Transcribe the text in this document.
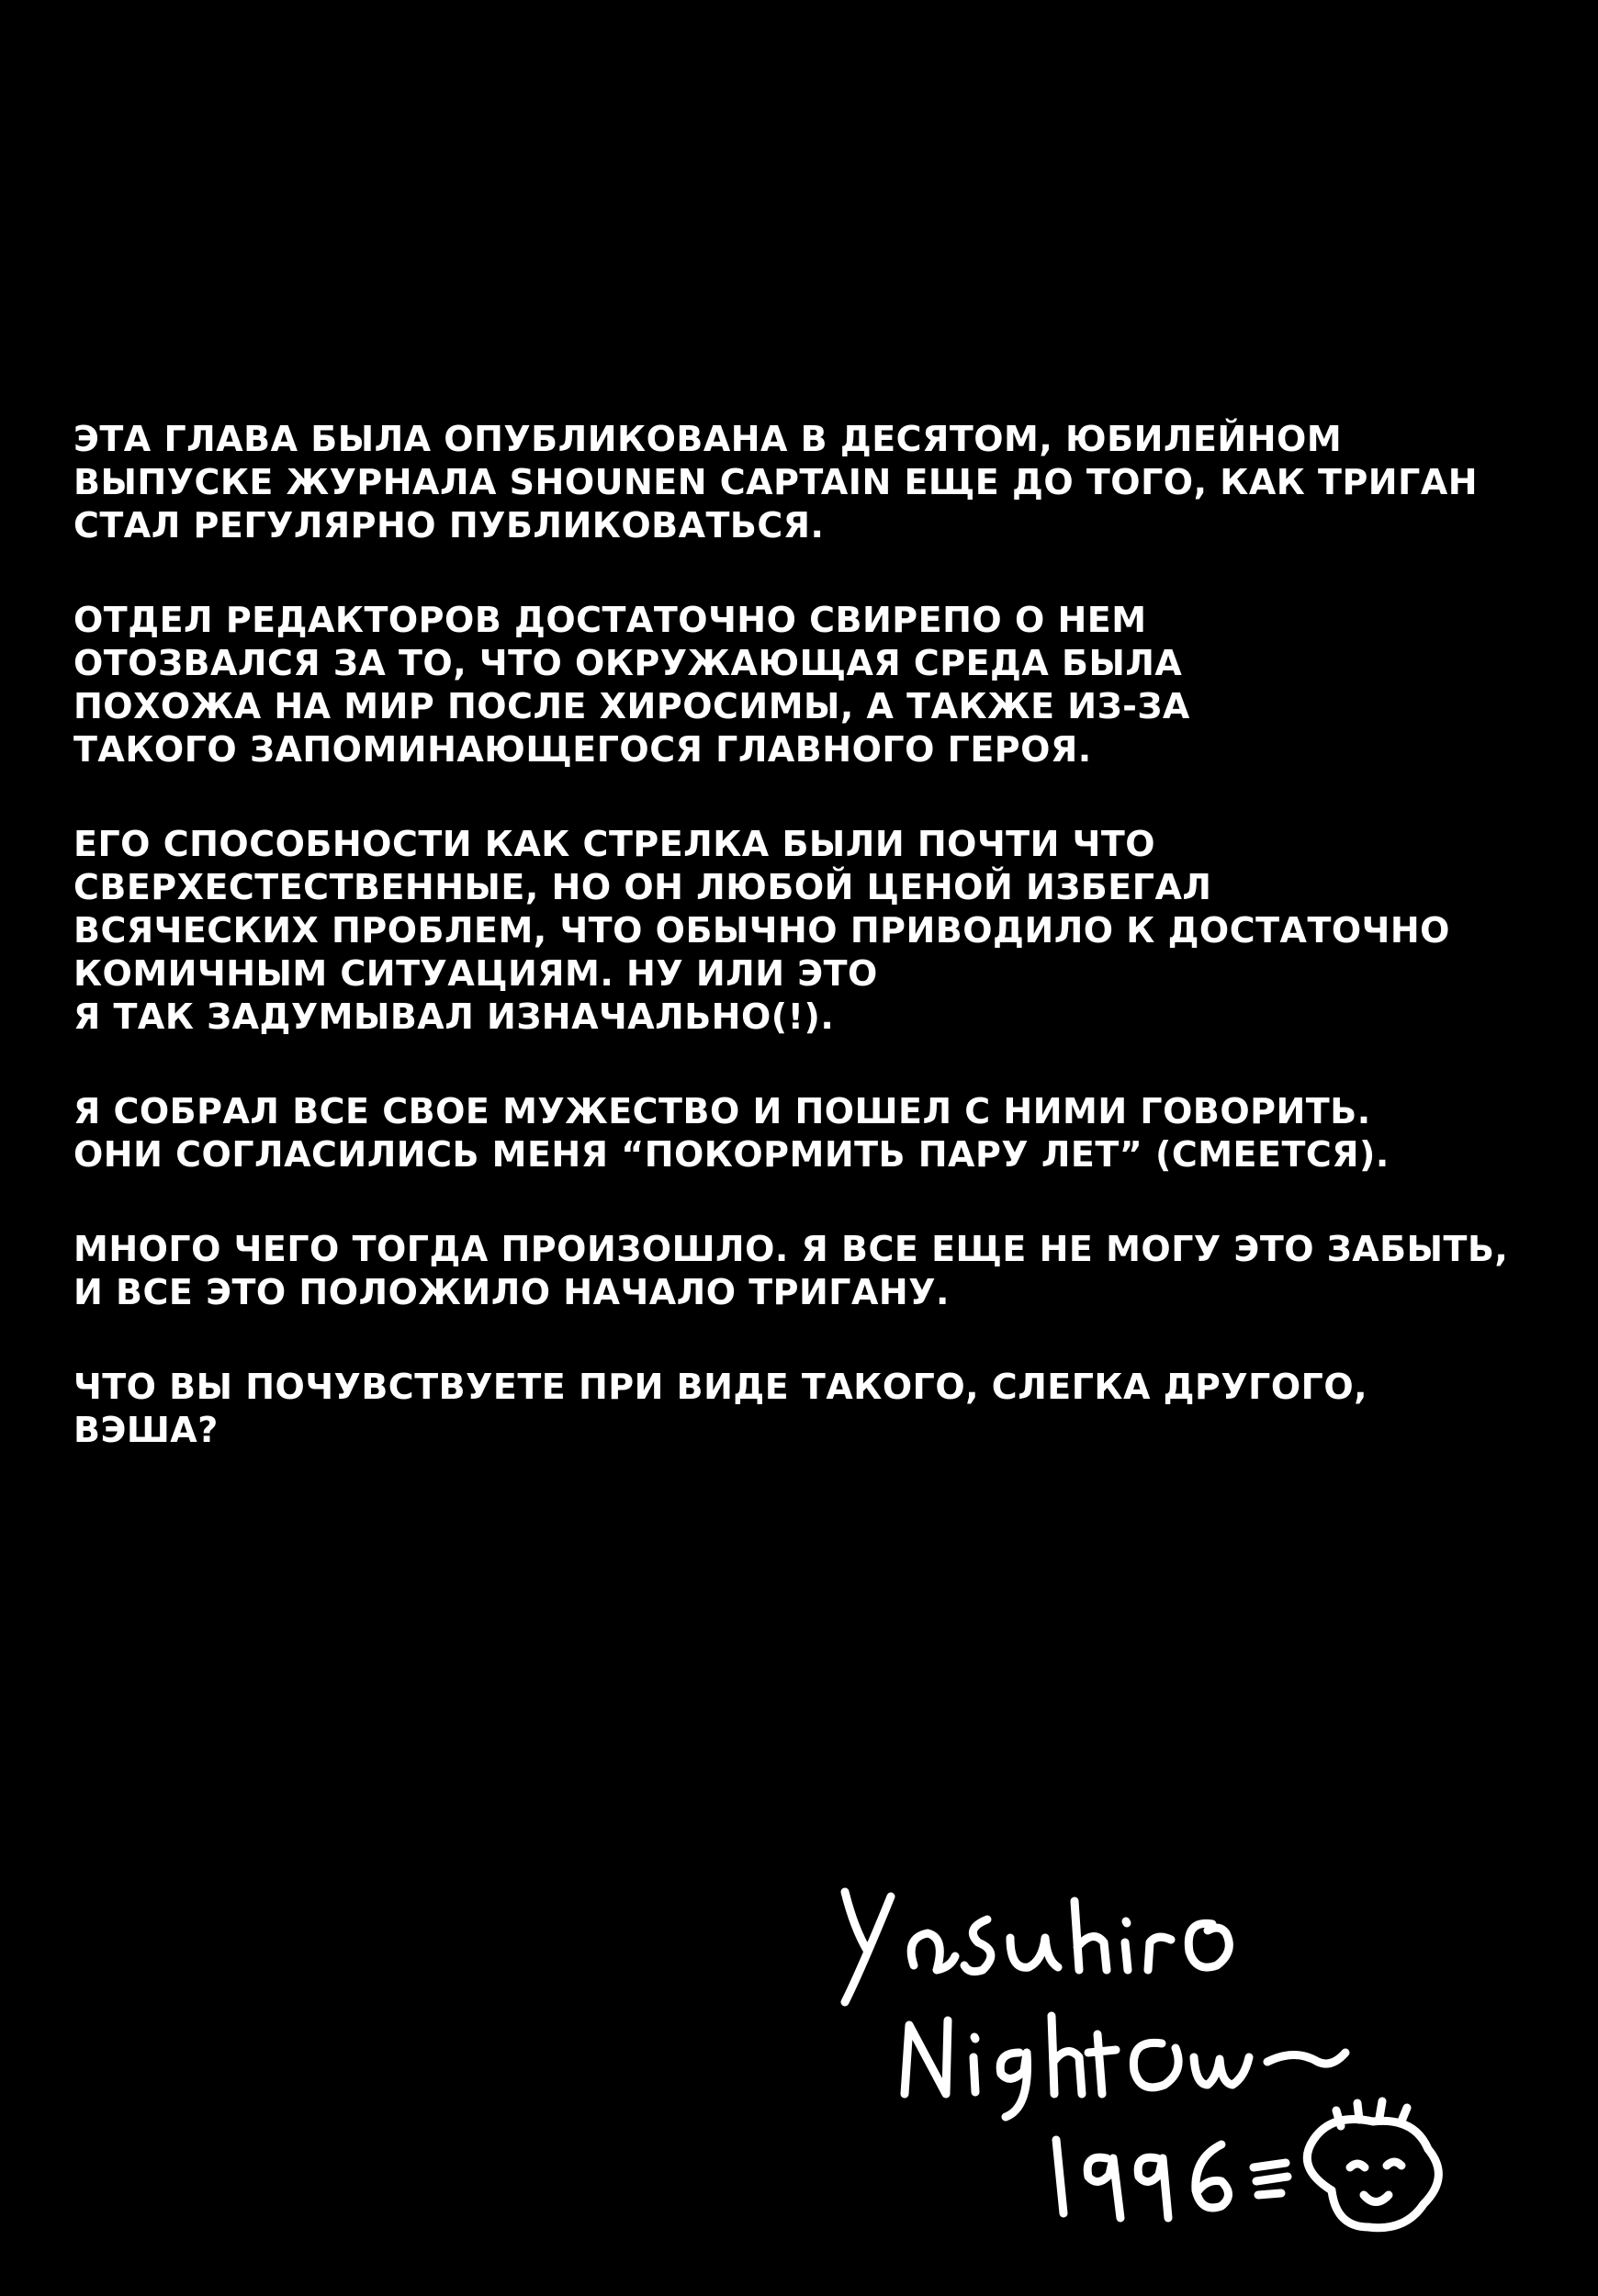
ЭТА ГЛАВА БЫЛА ОПУБЛИКОВАНА В ДЕСЯТОМ, ЮБИЛЕЙНОМ
ВЫПУСКЕ ЖУРНАЛА SHOUNEN CAPTAIN ЕЩЕ ДО ТОГО, КАК ТРИГАН
СТАЛ РЕГУЛЯРНО ПУБЛИКОВАТЬСЯ.
ОТДЕЛ РЕДАКТОРОВ ДОСТАТОЧНО СВИРЕПО О НЕМ
ОТОЗВАЛСЯ ЗА ТО, ЧТО ОКРУЖАЮЩАЯ СРЕДА БЫЛА
ПОХОЖА НА МИР ПОСЛЕ ХИРОСИМЫ, А ТАКЖЕ ИЗ-ЗА
ТАКОГО ЗАПОМИНАЮЩЕГОСЯ ГЛАВНОГО ГЕРОЯ.
ЕГО СПОСОБНОСТИ КАК СТРЕЛКА БЫЛИ ПОЧТИ ЧТО
СВЕРХЕСТЕСТВЕННЫЕ, НО ОН ЛЮБОЙ ЦЕНОЙ ИЗБЕГАЛ
ВСЯЧЕСКИХ ПРОБЛЕМ, ЧТО ОБЫЧНО ПРИВОДИЛО К ДОСТАТОЧНО
КОМИЧНЫМ СИТУАЦИЯМ. НУ ИЛИ ЭТО
Я ТАК ЗАДУМЫВАЛ ИЗНАЧАЛЬНО(!).
Я СОБРАЛ ВСЕ СВОЕ МУЖЕСТВО И ПОШЕЛ С НИМИ ГОВОРИТЬ.
ОНИ СОГЛАСИЛИСЬ МЕНЯ “ПОКОРМИТЬ ПАРУ ЛЕТ” (СМЕЕТСЯ).
МНОГО ЧЕГО ТОГДА ПРОИЗОШЛО. Я ВСЕ ЕЩЕ НЕ МОГУ ЭТО ЗАБЫТЬ,
И ВСЕ ЭТО ПОЛОЖИЛО НАЧАЛО ТРИГАНУ.
ЧТО ВЫ ПОЧУВСТВУЕТЕ ПРИ ВИДЕ ТАКОГО, СЛЕГКА ДРУГОГО,
ВЭША?
